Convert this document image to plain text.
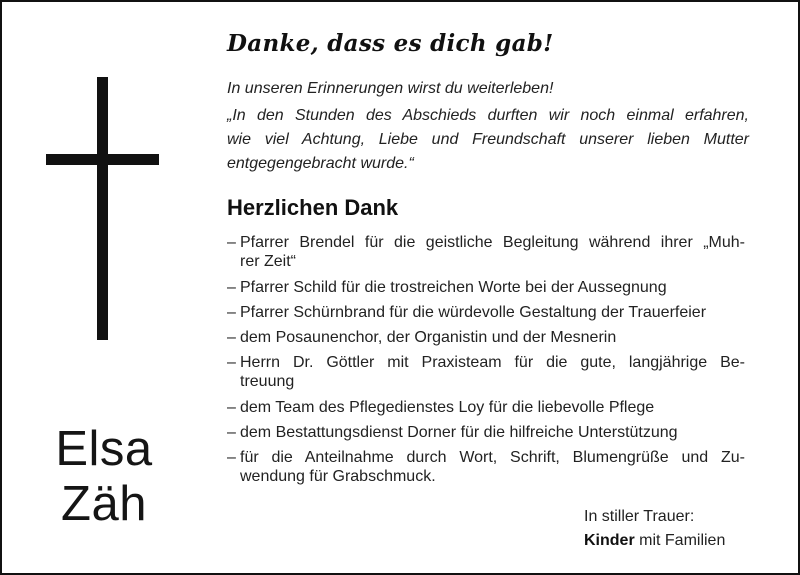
Elsa
Zäh
Danke, dass es dich gab!
In unseren Erinnerungen wirst du weiterleben!
„In den Stunden des Abschieds durften wir noch einmal erfahren,
wie viel Achtung, Liebe und Freundschaft unserer lieben Mutter
entgegengebracht wurde.“
Herzlichen Dank
– Pfarrer Brendel für die geistliche Begleitung während ihrer „Muh-
rer Zeit“
– Pfarrer Schild für die trostreichen Worte bei der Aussegnung
– Pfarrer Schürnbrand für die würdevolle Gestaltung der Trauerfeier
– dem Posaunenchor, der Organistin und der Mesnerin
– Herrn Dr. Göttler mit Praxisteam für die gute, langjährige Be-
treuung
– dem Team des Pflegedienstes Loy für die liebevolle Pflege
– dem Bestattungsdienst Dorner für die hilfreiche Unterstützung
– für die Anteilnahme durch Wort, Schrift, Blumengrüße und Zu-
wendung für Grabschmuck.
In stiller Trauer:
Kinder mit Familien
